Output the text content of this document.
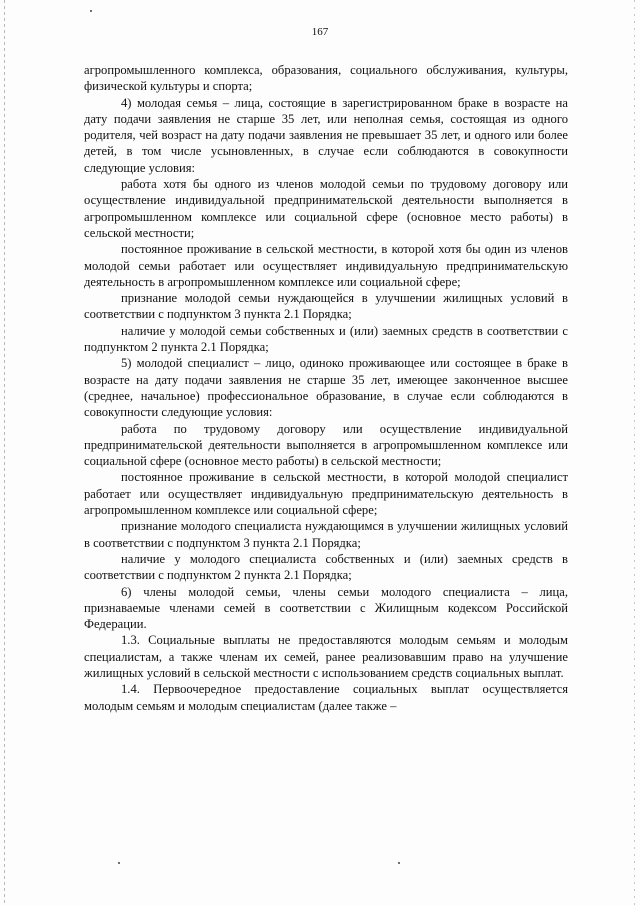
167

агропромышленного комплекса, образования, социального обслуживания, культуры, физической культуры и спорта;

4) молодая семья – лица, состоящие в зарегистрированном браке в возрасте на дату подачи заявления не старше 35 лет, или неполная семья, состоящая из одного родителя, чей возраст на дату подачи заявления не превышает 35 лет, и одного или более детей, в том числе усыновленных, в случае если соблюдаются в совокупности следующие условия:

работа хотя бы одного из членов молодой семьи по трудовому договору или осуществление индивидуальной предпринимательской деятельности выполняется в агропромышленном комплексе или социальной сфере (основное место работы) в сельской местности;

постоянное проживание в сельской местности, в которой хотя бы один из членов молодой семьи работает или осуществляет индивидуальную предпринимательскую деятельность в агропромышленном комплексе или социальной сфере;

признание молодой семьи нуждающейся в улучшении жилищных условий в соответствии с подпунктом 3 пункта 2.1 Порядка;

наличие у молодой семьи собственных и (или) заемных средств в соответствии с подпунктом 2 пункта 2.1 Порядка;

5) молодой специалист – лицо, одиноко проживающее или состоящее в браке в возрасте на дату подачи заявления не старше 35 лет, имеющее законченное высшее (среднее, начальное) профессиональное образование, в случае если соблюдаются в совокупности следующие условия:

работа по трудовому договору или осуществление индивидуальной предпринимательской деятельности выполняется в агропромышленном комплексе или социальной сфере (основное место работы) в сельской местности;

постоянное проживание в сельской местности, в которой молодой специалист работает или осуществляет индивидуальную предпринимательскую деятельность в агропромышленном комплексе или социальной сфере;

признание молодого специалиста нуждающимся в улучшении жилищных условий в соответствии с подпунктом 3 пункта 2.1 Порядка;

наличие у молодого специалиста собственных и (или) заемных средств в соответствии с подпунктом 2 пункта 2.1 Порядка;

6) члены молодой семьи, члены семьи молодого специалиста – лица, признаваемые членами семей в соответствии с Жилищным кодексом Российской Федерации.

1.3. Социальные выплаты не предоставляются молодым семьям и молодым специалистам, а также членам их семей, ранее реализовавшим право на улучшение жилищных условий в сельской местности с использованием средств социальных выплат.

1.4. Первоочередное предоставление социальных выплат осуществляется молодым семьям и молодым специалистам (далее также –
